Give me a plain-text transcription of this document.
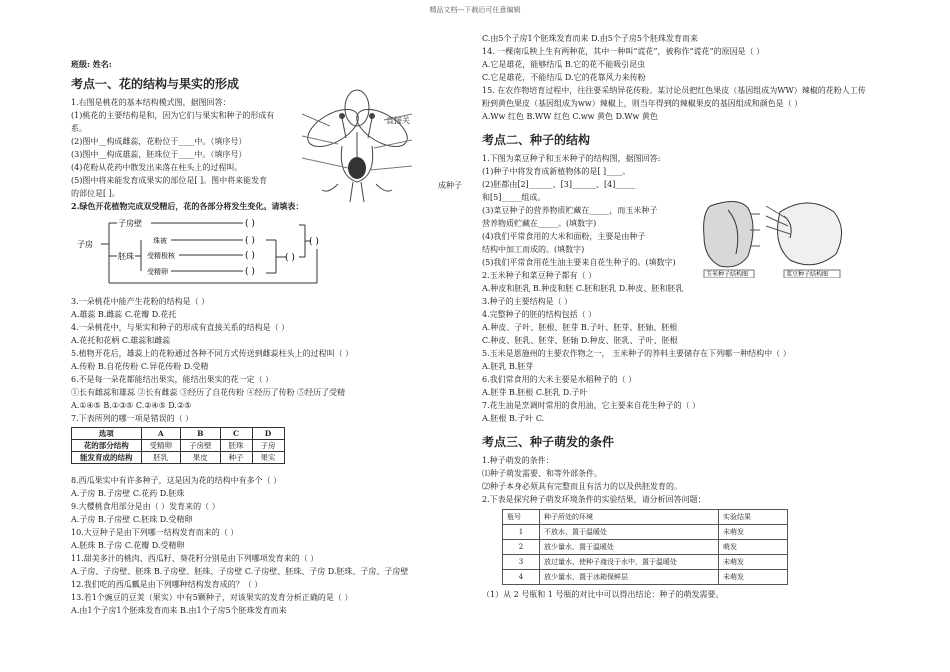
精品文档---下载后可任意编辑
班级: 姓名:
考点一、花的结构与果实的形成
1.右图是桃花的基本结构模式图，据图回答：
(1)桃花的主要结构是和，因为它们与果实和种子的形成有
系。
(2)图中__构成雌蕊，花粉位于____中。（填序号）
(3)图中__构成雄蕊，胚珠位于____中。（填序号）
(4)花粉从花药中散发出来落在柱头上的过程叫。
(5)图中将来能发育成果实的部位是[ ]。图中将来能发育
的部位是[ ]。
2.绿色开花植物完成双受精后，花的各部分将发生变化。请填表：
子房
子房壁	( )
胚珠
珠被	( )
受精极核	( )
受精卵	( )
( )
( )
3.一朵桃花中能产生花粉的结构是（ ）
A.雄蕊 B.雌蕊 C.花瓣 D.花托
4.一朵桃花中，与果实和种子的形成有直接关系的结构是（ ）
A.花托和花柄 C.雄蕊和雌蕊
5.植物开花后，雄蕊上的花粉通过各种不同方式传送到雌蕊柱头上的过程叫（ ）
A.传粉 B.自花传粉 C.异花传粉 D.受精
6.不是每一朵花都能结出果实，能结出果实的花一定（ ）
①长有雌蕊和雄蕊 ②长有雌蕊 ③经历了自花传粉 ④经历了传粉 ⑤经历了受精
A.①④⑤ B.①③⑤ C.②④⑤ D.②⑤
7.下表所列的哪一项是错误的（ ）
选项	A	B	C	D
花的部分结构	受精卵	子房壁	胚珠	子房
能发育成的结构	胚乳	果皮	种子	果实
8.西瓜果实中有许多种子，这是因为花的结构中有多个（ ）
A.子房 B.子房壁 C.花药 D.胚珠
9.大樱桃食用部分是由（ ）发育来的（ ）
A.子房 B.子房壁 C.胚珠 D.受精卵
10.大豆种子是由下列哪一结构发育而来的（ ）
A.胚珠 B.子房 C.花瓣 D.受精卵
11.甜美多汁的桃肉、西瓜籽、葵花籽分别是由下列哪项发育来的（ ）
A.子房、子房壁、胚珠 B.子房壁、胚珠、子房壁 C.子房壁、胚珠、子房 D.胚珠、子房、子房壁
12.我们吃的西瓜瓤是由下列哪种结构发育成的？（ ）
13.若1个豌豆的豆荚（果实）中有5颗种子，对该果实的发育分析正确的是（ ）
A.由1个子房1个胚珠发育而来 B.由1个子房5个胚珠发育而来
直接关
成种子
C.由5个子房1个胚珠发育而来 D.由5个子房5个胚珠发育而来
14. 一棵南瓜秧上生有两种花，其中一种叫“谎花”，被称作“谎花”的原因是（ ）
A.它是雄花，能够结瓜 B.它的花不能吸引昆虫
C.它是雄花，不能结瓜 D.它的花靠风力来传粉
15. 在农作物培育过程中，往往要采纳异花传粉。某讨论员把红色果皮（基因组成为WW）辣椒的花粉人工传
粉到黄色果皮（基因组成为ww）辣椒上，则当年得到的辣椒果皮的基因组成和颜色是（ ）
A.Ww 红色 B.WW 红色 C.ww 黄色 D.Ww 黄色
考点二、种子的结构
1.下图为菜豆种子和玉米种子的结构图，据图回答:
(1)种子中将发育成新植物体的是[ ]____。
(2)胚都由[2]______、[3]______、[4]_____
和[5]_____组成。
(3)菜豆种子的营养物质贮藏在_____，而玉米种子
营养物质贮藏在_____。(填数字)
(4)我们平常食用的大米和面粉，主要是由种子
结构中加工而成的。(填数字)
(5)我们平常食用花生油主要来自花生种子的。(填数字)
2.玉米种子和菜豆种子都有（ ）
A.种皮和胚乳 B.种皮和胚 C.胚和胚乳 D.种皮、胚和胚乳
3.种子的主要结构是（ ）
4.完整种子的胚的结构包括（ ）
A.种皮、子叶、胚根、胚芽 B.子叶、胚芽、胚轴、胚根
C.种皮、胚乳、胚芽、胚轴 D.种皮、胚乳、子叶、胚根
5.玉米是恩施州的主要农作物之一， 玉米种子的养料主要储存在下列哪一种结构中（ ）
A.胚乳 B.胚芽
6.我们常食用的大米主要是水稻种子的（ ）
A.胚芽 B.胚根 C.胚乳 D.子叶
7.花生油是烹调时常用的食用油，它主要来自花生种子的（ ）
A.胚根 B.子叶 C.
考点三、种子萌发的条件
1.种子萌发的条件：
⑴种子萌发需要、和等外部条件。
⑵种子本身必须具有完整而且有活力的以及供胚发育的。
2.下表是探究种子萌发环境条件的实验结果，请分析回答问题：
瓶号	种子所处的环境	实验结果
1	不放水，置于温暖处	未萌发
2	放少量水，置于温暖处	萌发
3	放过量水，使种子淹没于水中，置于温暖处	未萌发
4	放少量水，置于冰箱保鲜层	未萌发
（1）从 2 号瓶和 1 号瓶的对比中可以得出结论：种子的萌发需要。
玉米种子结构图	菜豆种子结构图
